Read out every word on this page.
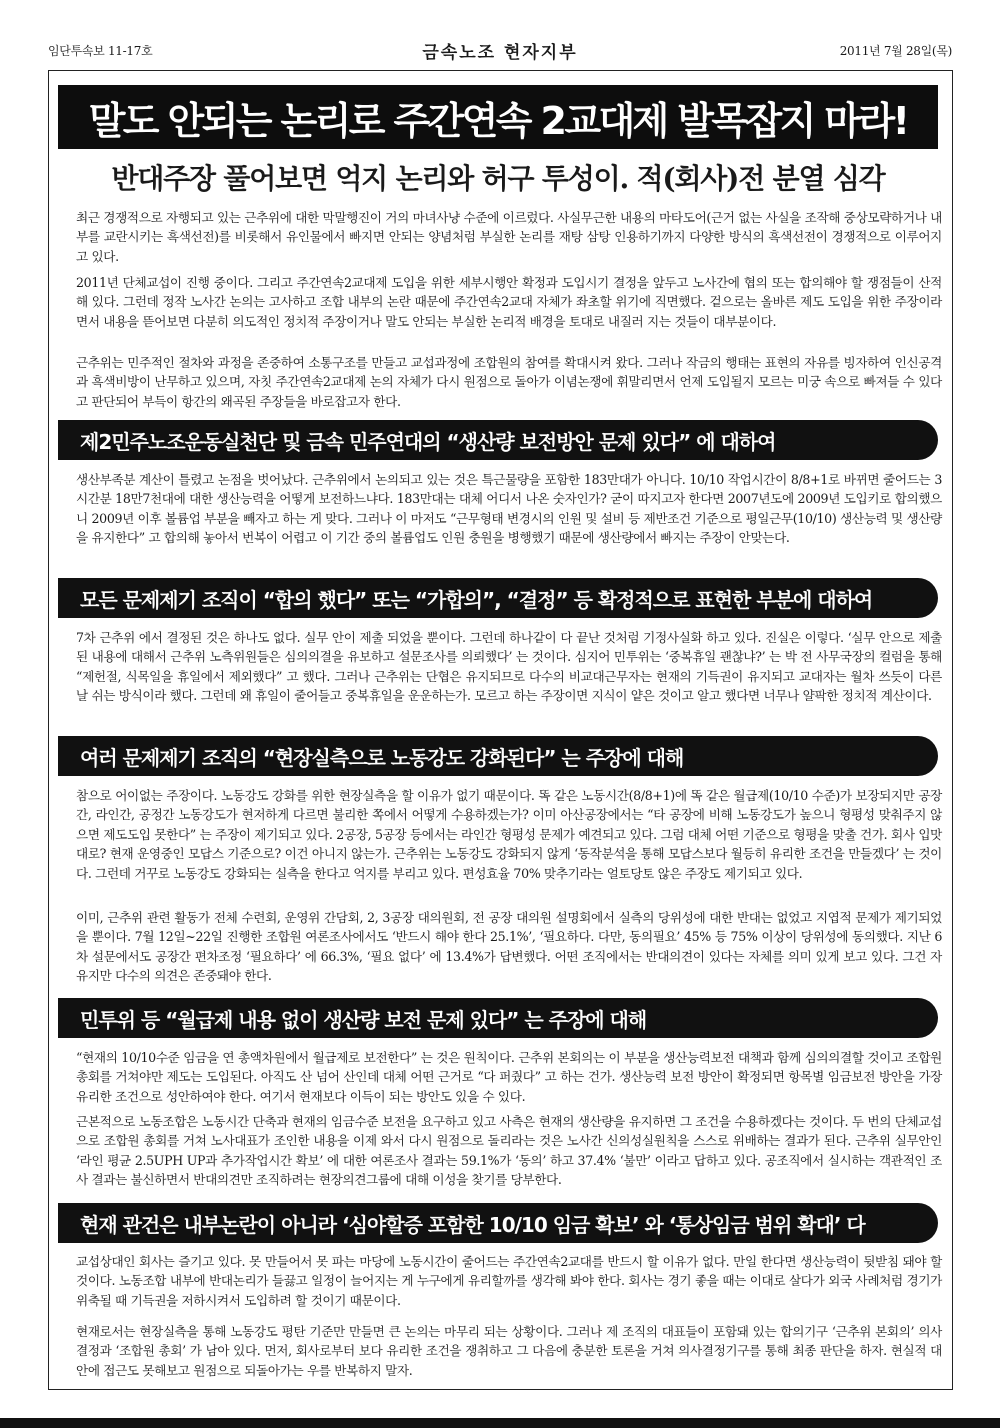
임단투속보 11-17호	금속노조 현자지부	2011년 7월 28일(목)
말도 안되는 논리로 주간연속 2교대제 발목잡지 마라!
반대주장 풀어보면 억지 논리와 허구 투성이. 적(회사)전 분열 심각

최근 경쟁적으로 자행되고 있는 근추위에 대한 막말행진이 거의 마녀사냥 수준에 이르렀다. 사실무근한 내용의 마타도어(근거 없는 사실을 조작해 중상모략하거나 내부를 교란시키는 흑색선전)를 비롯해서 유인물에서 빠지면 안되는 양념처럼 부실한 논리를 재탕 삼탕 인용하기까지 다양한 방식의 흑색선전이 경쟁적으로 이루어지고 있다.

2011년 단체교섭이 진행 중이다. 그리고 주간연속2교대제 도입을 위한 세부시행안 확정과 도입시기 결정을 앞두고 노사간에 협의 또는 합의해야 할 쟁점들이 산적해 있다. 그런데 정작 노사간 논의는 고사하고 조합 내부의 논란 때문에 주간연속2교대 자체가 좌초할 위기에 직면했다. 겉으로는 올바른 제도 도입을 위한 주장이라면서 내용을 뜯어보면 다분히 의도적인 정치적 주장이거나 말도 안되는 부실한 논리적 배경을 토대로 내질러 지는 것들이 대부분이다.

근추위는 민주적인 절차와 과정을 존중하여 소통구조를 만들고 교섭과정에 조합원의 참여를 확대시켜 왔다. 그러나 작금의 행태는 표현의 자유를 빙자하여 인신공격과 흑색비방이 난무하고 있으며, 자칫 주간연속2교대제 논의 자체가 다시 원점으로 돌아가 이념논쟁에 휘말리면서 언제 도입될지 모르는 미궁 속으로 빠져들 수 있다고 판단되어 부득이 항간의 왜곡된 주장들을 바로잡고자 한다.

제2민주노조운동실천단 및 금속 민주연대의 “생산량 보전방안 문제 있다” 에 대하여

생산부족분 계산이 틀렸고 논점을 벗어났다. 근추위에서 논의되고 있는 것은 특근물량을 포함한 183만대가 아니다. 10/10 작업시간이 8/8+1로 바뀌면 줄어드는 3시간분 18만7천대에 대한 생산능력을 어떻게 보전하느냐다. 183만대는 대체 어디서 나온 숫자인가? 굳이 따지고자 한다면 2007년도에 2009년 도입키로 합의했으니 2009년 이후 볼륨업 부분을 빼자고 하는 게 맞다. 그러나 이 마저도 “근무형태 변경시의 인원 및 설비 등 제반조건 기준으로 평일근무(10/10) 생산능력 및 생산량을 유지한다” 고 합의해 놓아서 번복이 어렵고 이 기간 중의 볼륨업도 인원 충원을 병행했기 때문에 생산량에서 빠지는 주장이 안맞는다.

모든 문제제기 조직이 “합의 했다” 또는 “가합의”, “결정” 등 확정적으로 표현한 부분에 대하여

7차 근추위 에서 결정된 것은 하나도 없다. 실무 안이 제출 되었을 뿐이다. 그런데 하나같이 다 끝난 것처럼 기정사실화 하고 있다. 진실은 이렇다. ‘실무 안으로 제출된 내용에 대해서 근추위 노측위원들은 심의의결을 유보하고 설문조사를 의뢰했다’ 는 것이다. 심지어 민투위는 ‘중복휴일 괜찮냐?’ 는 박 전 사무국장의 컬럼을 통해 “제헌절, 식목일을 휴일에서 제외했다” 고 했다. 그러나 근추위는 단협은 유지되므로 다수의 비교대근무자는 현재의 기득권이 유지되고 교대자는 월차 쓰듯이 다른 날 쉬는 방식이라 했다. 그런데 왜 휴일이 줄어들고 중복휴일을 운운하는가. 모르고 하는 주장이면 지식이 얕은 것이고 알고 했다면 너무나 얄팍한 정치적 계산이다.

여러 문제제기 조직의 “현장실측으로 노동강도 강화된다” 는 주장에 대해

참으로 어이없는 주장이다. 노동강도 강화를 위한 현장실측을 할 이유가 없기 때문이다. 똑 같은 노동시간(8/8+1)에 똑 같은 월급제(10/10 수준)가 보장되지만 공장간, 라인간, 공정간 노동강도가 현저하게 다르면 불리한 쪽에서 어떻게 수용하겠는가? 이미 아산공장에서는 “타 공장에 비해 노동강도가 높으니 형평성 맞춰주지 않으면 제도도입 못한다” 는 주장이 제기되고 있다. 2공장, 5공장 등에서는 라인간 형평성 문제가 예견되고 있다. 그럼 대체 어떤 기준으로 형평을 맞출 건가. 회사 입맛대로? 현재 운영중인 모답스 기준으로? 이건 아니지 않는가. 근추위는 노동강도 강화되지 않게 ‘동작분석을 통해 모답스보다 월등히 유리한 조건을 만들겠다’ 는 것이다. 그런데 거꾸로 노동강도 강화되는 실측을 한다고 억지를 부리고 있다. 편성효율 70% 맞추기라는 얼토당토 않은 주장도 제기되고 있다.

이미, 근추위 관련 활동가 전체 수련회, 운영위 간담회, 2, 3공장 대의원회, 전 공장 대의원 설명회에서 실측의 당위성에 대한 반대는 없었고 지엽적 문제가 제기되었을 뿐이다. 7월 12일~22일 진행한 조합원 여론조사에서도 ‘반드시 해야 한다 25.1%’, ‘필요하다. 다만, 동의필요’ 45% 등 75% 이상이 당위성에 동의했다. 지난 6차 설문에서도 공장간 편차조정 ‘필요하다’ 에 66.3%, ‘필요 없다’ 에 13.4%가 답변했다. 어떤 조직에서는 반대의견이 있다는 자체를 의미 있게 보고 있다. 그건 자유지만 다수의 의견은 존중돼야 한다.

민투위 등 “월급제 내용 없이 생산량 보전 문제 있다” 는 주장에 대해

“현재의 10/10수준 임금을 연 총액차원에서 월급제로 보전한다” 는 것은 원칙이다. 근추위 본회의는 이 부분을 생산능력보전 대책과 함께 심의의결할 것이고 조합원 총회를 거쳐야만 제도는 도입된다. 아직도 산 넘어 산인데 대체 어떤 근거로 “다 퍼줬다” 고 하는 건가. 생산능력 보전 방안이 확정되면 항목별 임금보전 방안을 가장 유리한 조건으로 성안하여야 한다. 여기서 현재보다 이득이 되는 방안도 있을 수 있다.

근본적으로 노동조합은 노동시간 단축과 현재의 임금수준 보전을 요구하고 있고 사측은 현재의 생산량을 유지하면 그 조건을 수용하겠다는 것이다. 두 번의 단체교섭으로 조합원 총회를 거쳐 노사대표가 조인한 내용을 이제 와서 다시 원점으로 돌리라는 것은 노사간 신의성실원칙을 스스로 위배하는 결과가 된다. 근추위 실무안인 ‘라인 평균 2.5UPH UP과 추가작업시간 확보’ 에 대한 여론조사 결과는 59.1%가 ‘동의’ 하고 37.4% ‘불만’ 이라고 답하고 있다. 공조직에서 실시하는 객관적인 조사 결과는 불신하면서 반대의견만 조직하려는 현장의견그룹에 대해 이성을 찾기를 당부한다.

현재 관건은 내부논란이 아니라 ‘심야할증 포함한 10/10 임금 확보’ 와 ‘통상임금 범위 확대’ 다

교섭상대인 회사는 즐기고 있다. 못 만들어서 못 파는 마당에 노동시간이 줄어드는 주간연속2교대를 반드시 할 이유가 없다. 만일 한다면 생산능력이 뒷받침 돼야 할 것이다. 노동조합 내부에 반대논리가 들끓고 일정이 늘어지는 게 누구에게 유리할까를 생각해 봐야 한다. 회사는 경기 좋을 때는 이대로 살다가 외국 사례처럼 경기가 위축될 때 기득권을 저하시켜서 도입하려 할 것이기 때문이다.

현재로서는 현장실측을 통해 노동강도 평탄 기준만 만들면 큰 논의는 마무리 되는 상황이다. 그러나 제 조직의 대표들이 포함돼 있는 합의기구 ‘근추위 본회의’ 의사결정과 ‘조합원 총회’ 가 남아 있다. 먼저, 회사로부터 보다 유리한 조건을 쟁취하고 그 다음에 충분한 토론을 거쳐 의사결정기구를 통해 최종 판단을 하자. 현실적 대안에 접근도 못해보고 원점으로 되돌아가는 우를 반복하지 말자.
